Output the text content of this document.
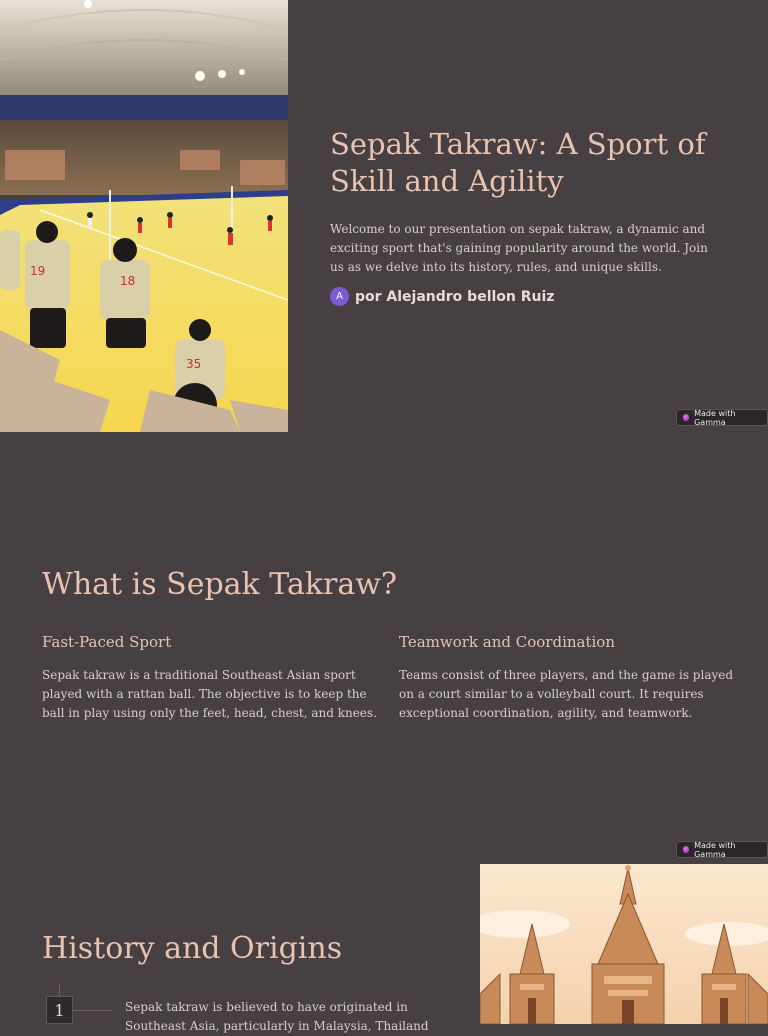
18
19
35
Sepak Takraw: A Sport of Skill and Agility

Welcome to our presentation on sepak takraw, a dynamic and exciting sport that's gaining popularity around the world. Join us as we delve into its history, rules, and unique skills.

A por Alejandro bellon Ruiz
Made with Gamma
What is Sepak Takraw?
Fast-Paced Sport

Sepak takraw is a traditional Southeast Asian sport played with a rattan ball. The objective is to keep the ball in play using only the feet, head, chest, and knees.

Teamwork and Coordination

Teams consist of three players, and the game is played on a court similar to a volleyball court. It requires exceptional coordination, agility, and teamwork.

Made with Gamma
History and Origins
1	Sepak takraw is believed to have originated in Southeast Asia, particularly in Malaysia, Thailand
